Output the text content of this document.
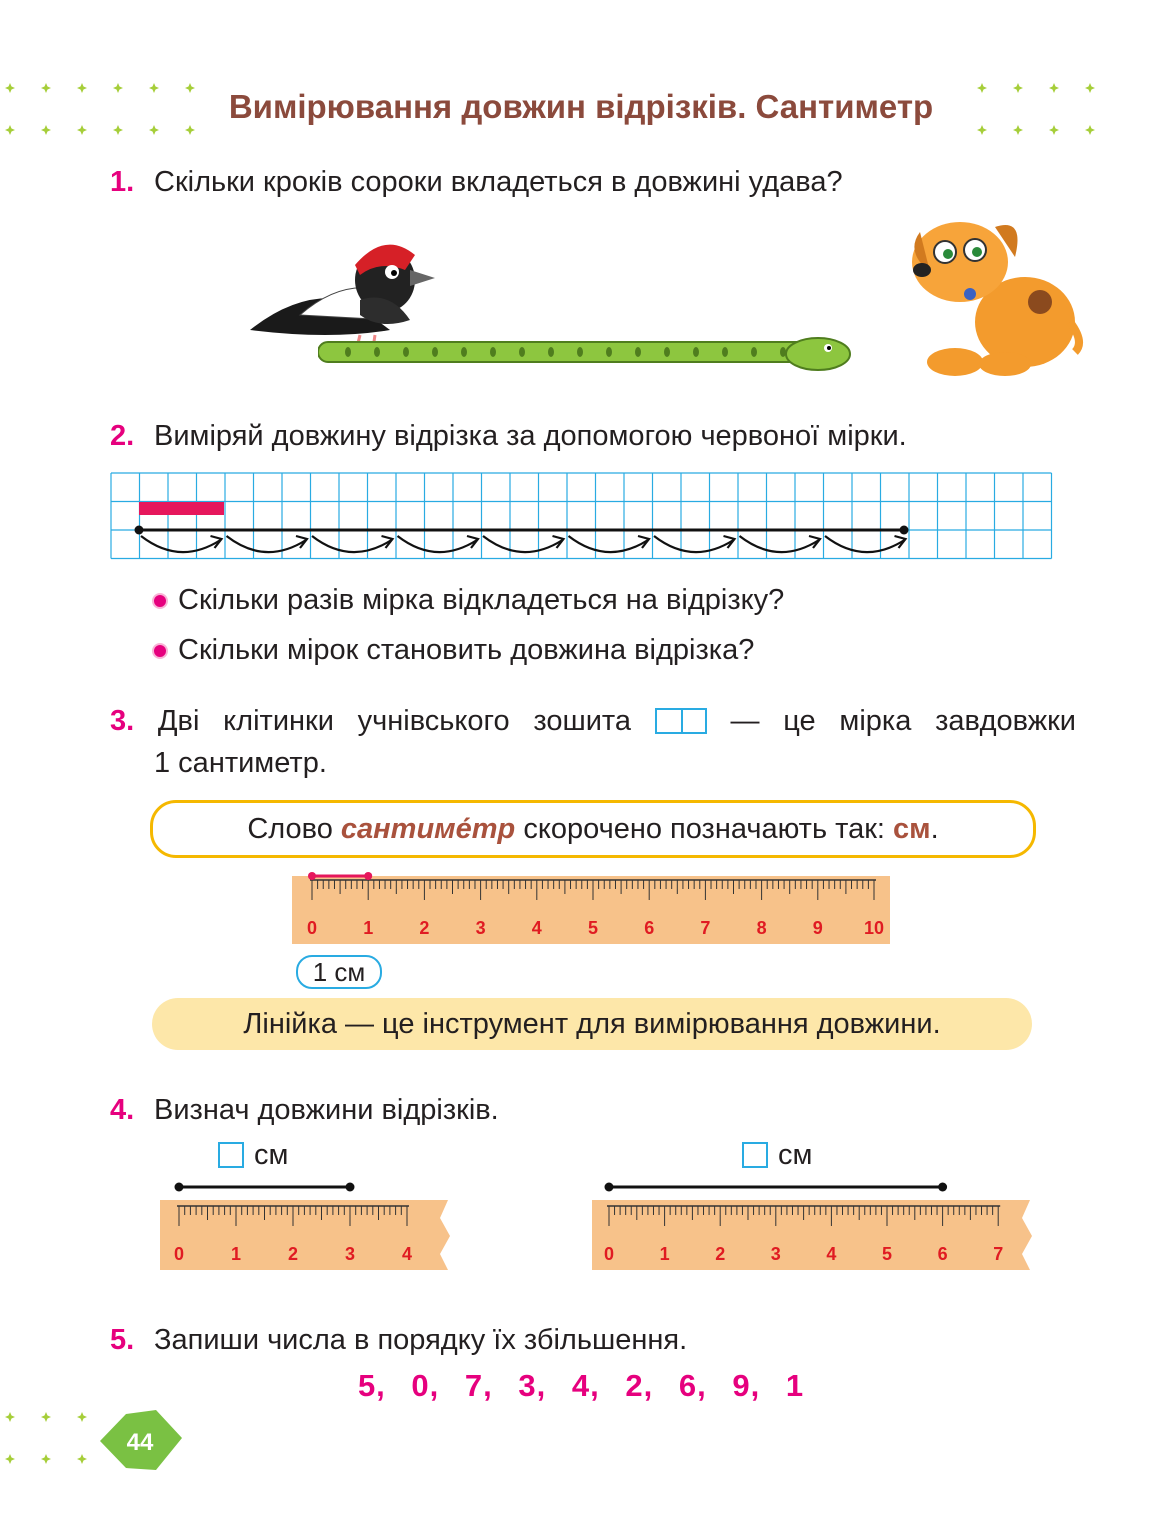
Вимірювання довжин відрізків. Сантиметр
1. Скільки кроків сороки вкладеться в довжині удава?
2. Виміряй довжину відрізка за допомогою червоної мірки.
Скільки разів мірка відкладеться на відрізку?
Скільки мірок становить довжина відрізка?
3. Дві клітинки учнівського зошита	— це мірка завдовжки
1 сантиметр.
Слово сантиме́тр скорочено позначають так: см.
0	1	2	3	4	5	6	7	8	9 10
1 см
Лінійка — це інструмент для вимірювання довжини.
4. Визнач довжини відрізків.
см	см
0	1	2	3	4	0	1	2	3	4	5	6	7
5. Запиши числа в порядку їх збільшення.
5, 0, 7, 3, 4, 2, 6, 9, 1
44
